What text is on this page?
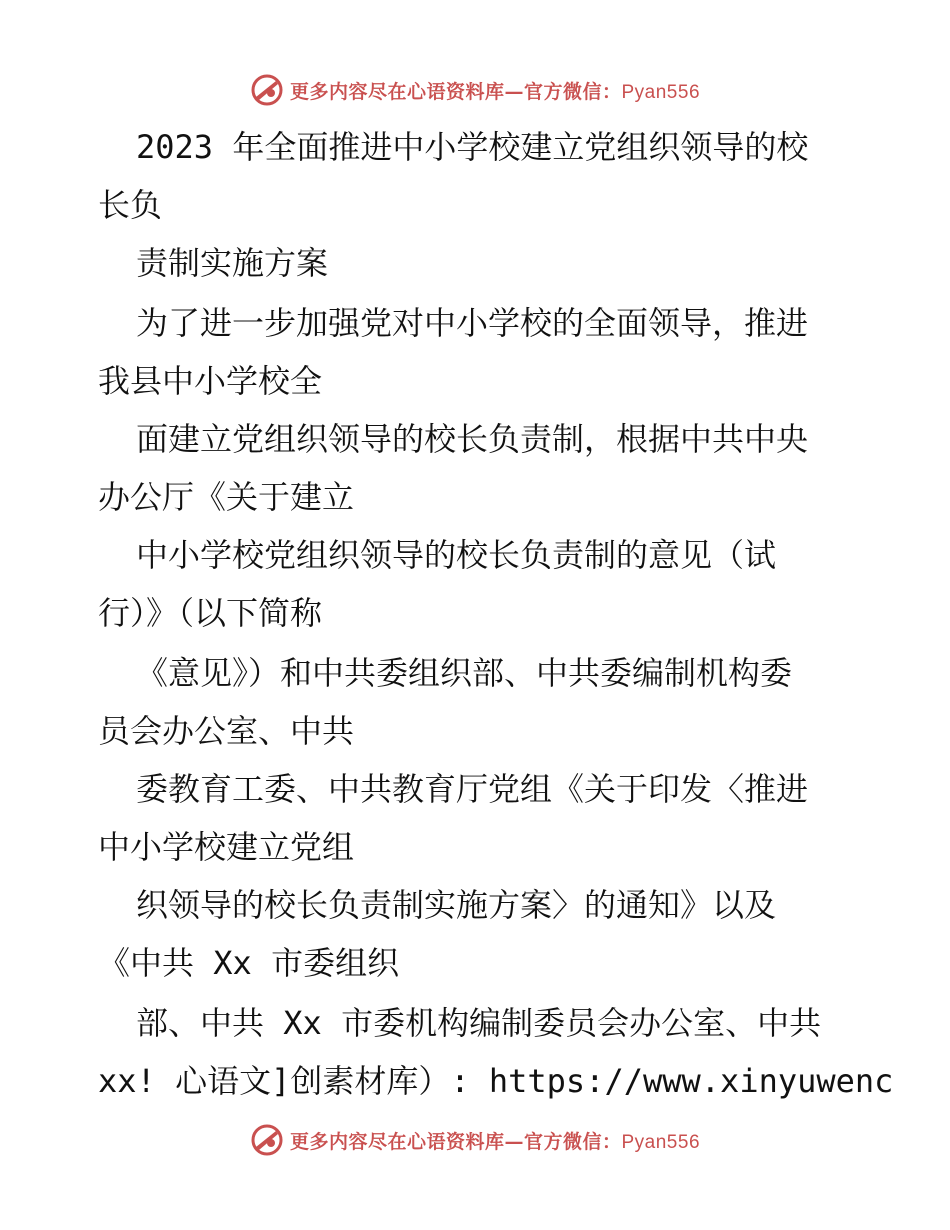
更多内容尽在心语资料库—官方微信：Pyan556
2023 年全面推进中小学校建立党组织领导的校
长负
责制实施方案
为了进一步加强党对中小学校的全面领导，推进
我县中小学校全
面建立党组织领导的校长负责制，根据中共中央
办公厅《关于建立
中小学校党组织领导的校长负责制的意见（试
行）》（以下简称
《意见》）和中共委组织部、中共委编制机构委
员会办公室、中共
委教育工委、中共教育厅党组《关于印发〈推进
中小学校建立党组
织领导的校长负责制实施方案〉的通知》以及
《中共 Xx 市委组织
部、中共 Xx 市委机构编制委员会办公室、中共
xx! 心语文]创素材库）: https://www.xinyuwenc
更多内容尽在心语资料库—官方微信：Pyan556
